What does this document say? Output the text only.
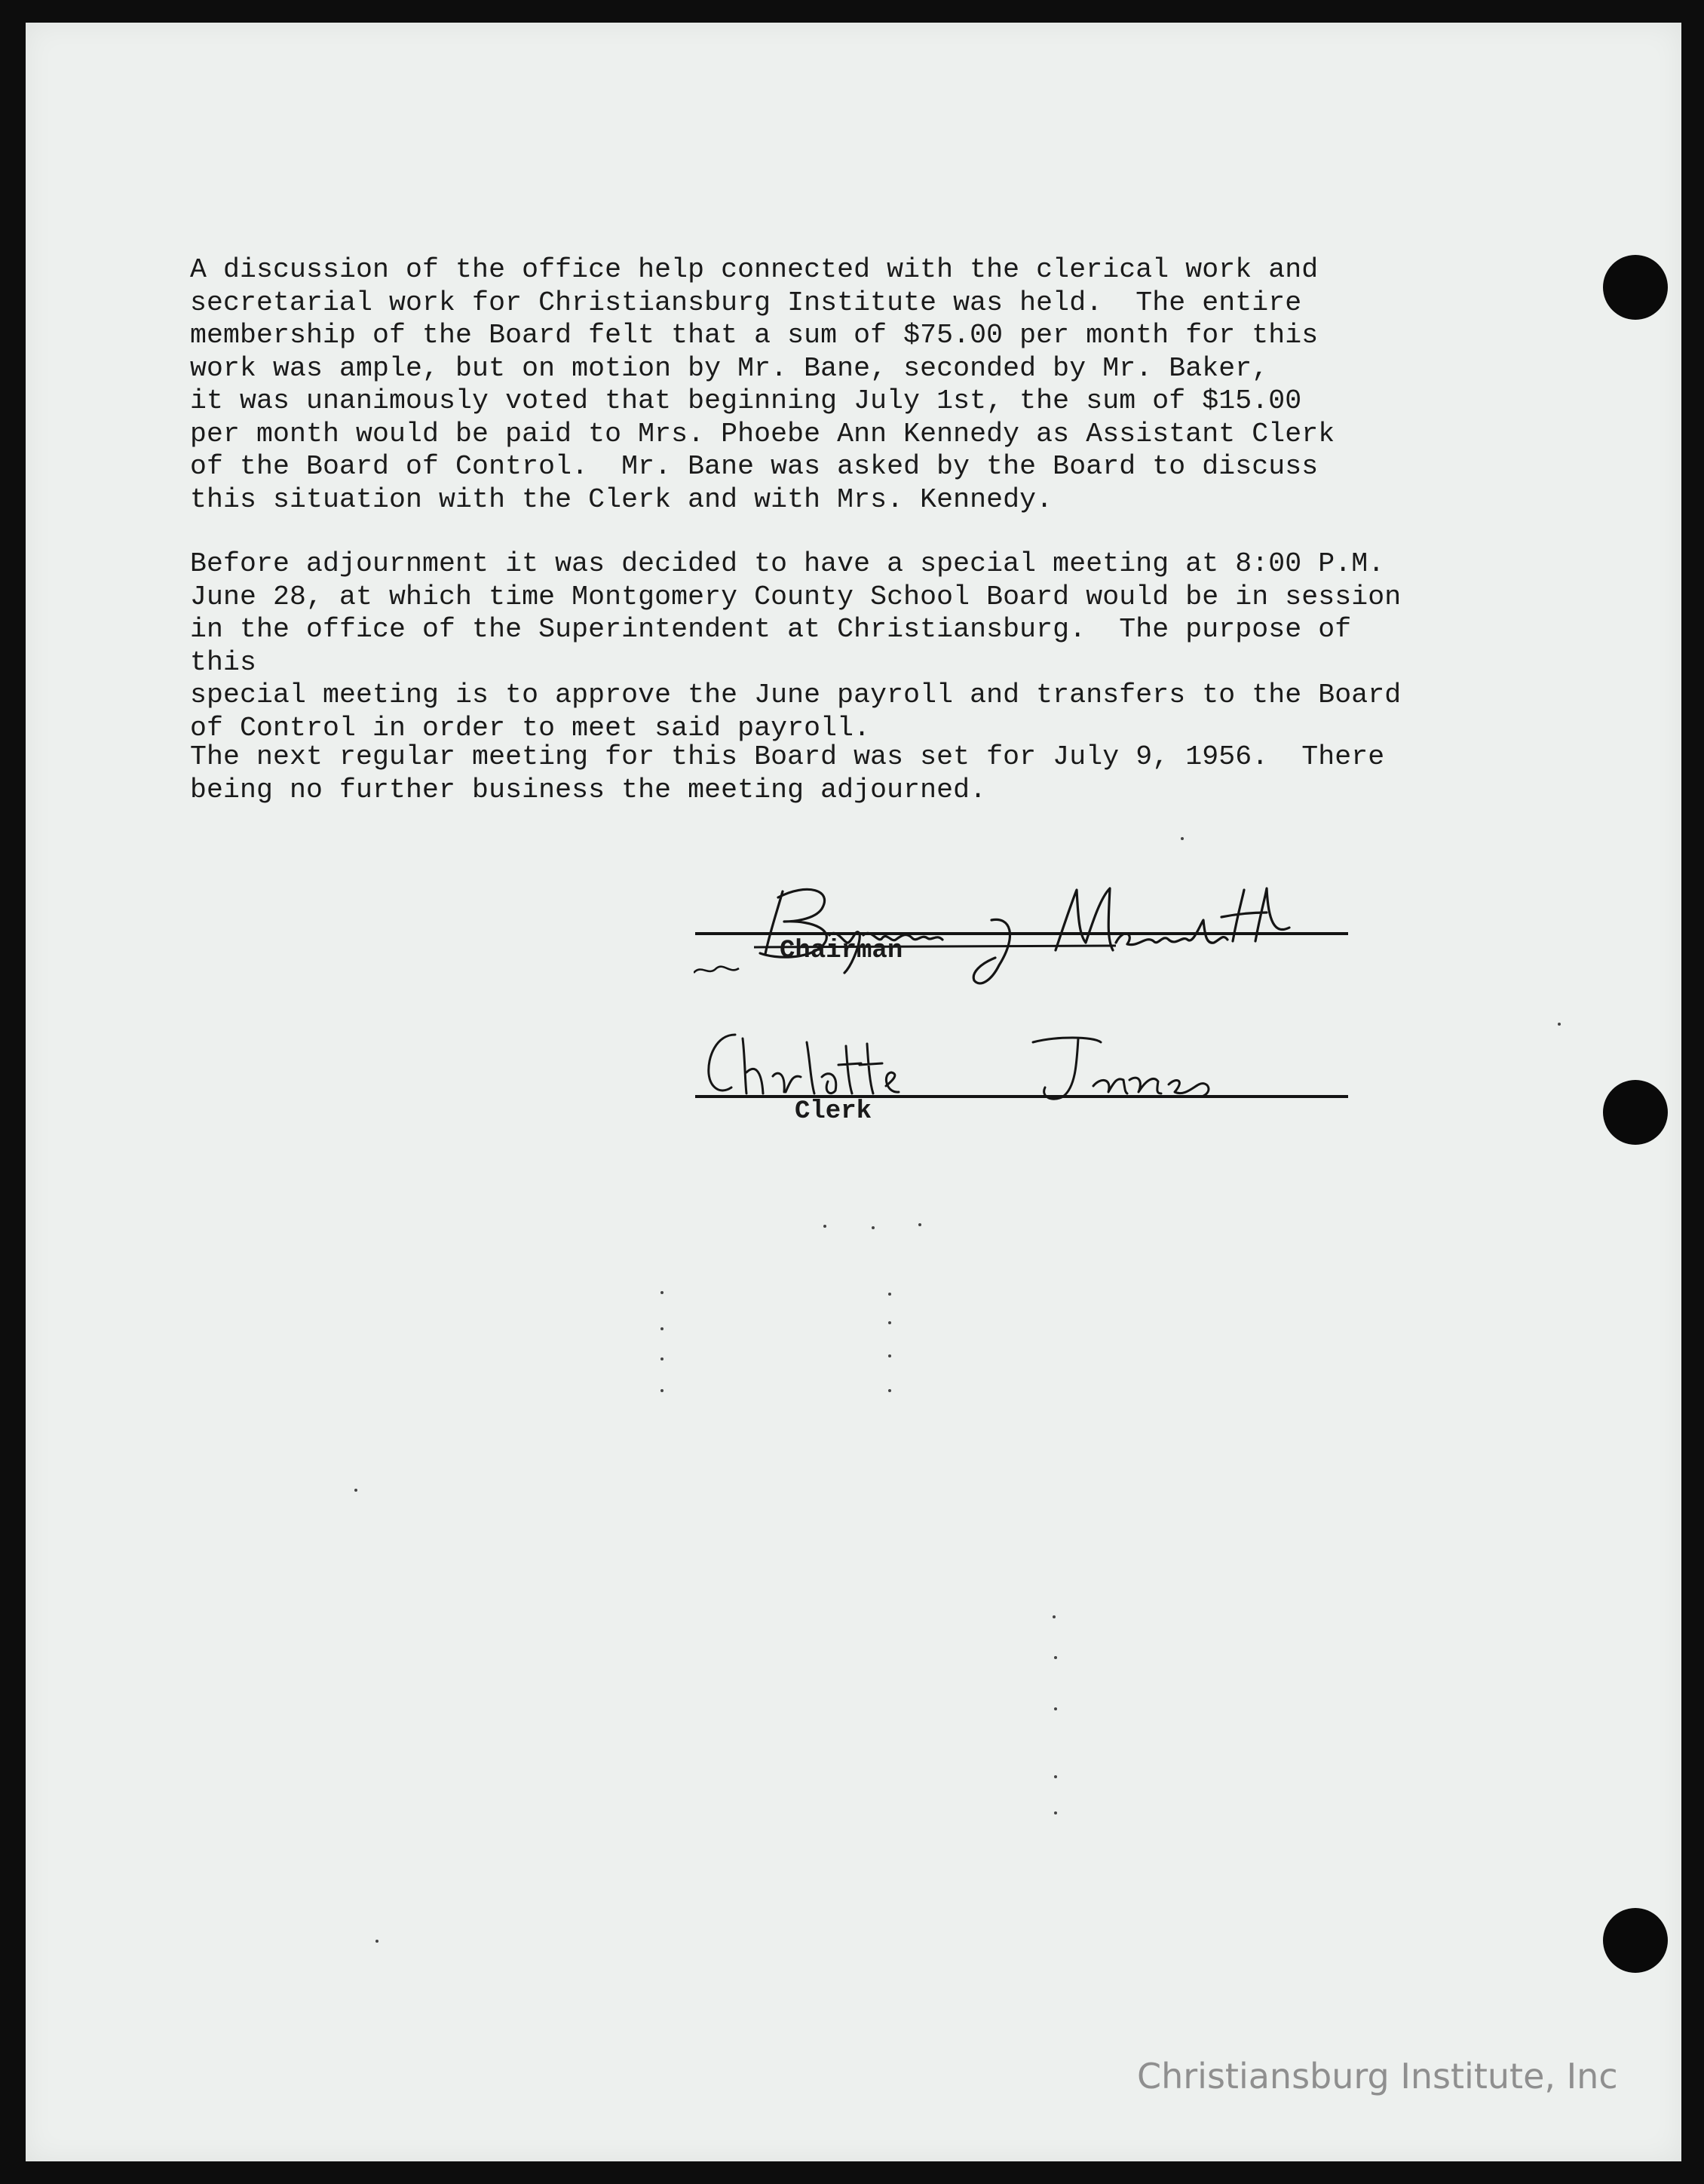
A discussion of the office help connected with the clerical work and
secretarial work for Christiansburg Institute was held.  The entire
membership of the Board felt that a sum of $75.00 per month for this
work was ample, but on motion by Mr. Bane, seconded by Mr. Baker,
it was unanimously voted that beginning July 1st, the sum of $15.00
per month would be paid to Mrs. Phoebe Ann Kennedy as Assistant Clerk
of the Board of Control.  Mr. Bane was asked by the Board to discuss
this situation with the Clerk and with Mrs. Kennedy.

Before adjournment it was decided to have a special meeting at 8:00 P.M.
June 28, at which time Montgomery County School Board would be in session
in the office of the Superintendent at Christiansburg.  The purpose of this
special meeting is to approve the June payroll and transfers to the Board
of Control in order to meet said payroll.

The next regular meeting for this Board was set for July 9, 1956.  There
being no further business the meeting adjourned.

Chairman
Clerk
Christiansburg Institute, Inc
